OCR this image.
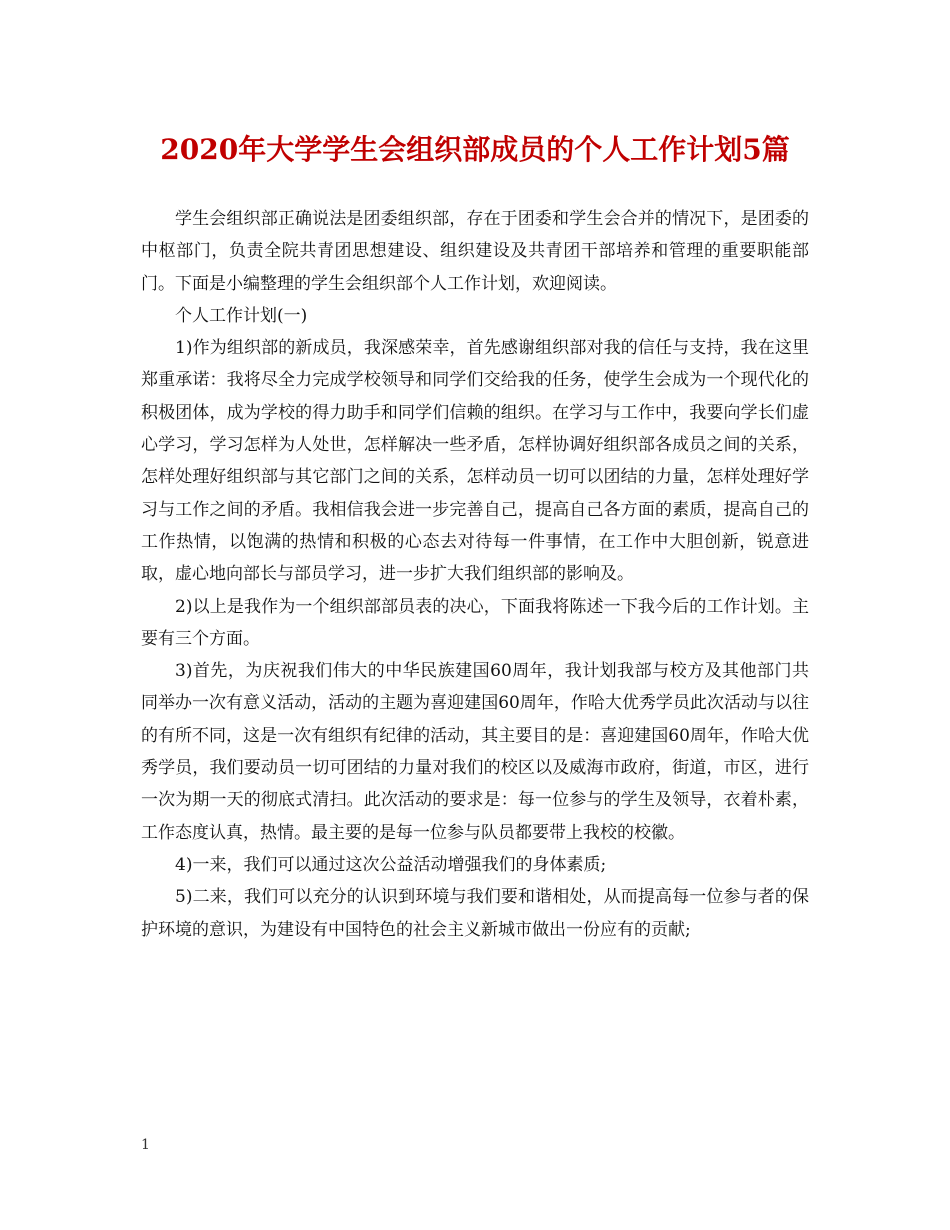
2020年大学学生会组织部成员的个人工作计划5篇

学生会组织部正确说法是团委组织部，存在于团委和学生会合并的情况下，是团委的中枢部门，负责全院共青团思想建设、组织建设及共青团干部培养和管理的重要职能部门。下面是小编整理的学生会组织部个人工作计划，欢迎阅读。

个人工作计划(一)

1)作为组织部的新成员，我深感荣幸，首先感谢组织部对我的信任与支持，我在这里郑重承诺：我将尽全力完成学校领导和同学们交给我的任务，使学生会成为一个现代化的积极团体，成为学校的得力助手和同学们信赖的组织。在学习与工作中，我要向学长们虚心学习，学习怎样为人处世，怎样解决一些矛盾，怎样协调好组织部各成员之间的关系，怎样处理好组织部与其它部门之间的关系，怎样动员一切可以团结的力量，怎样处理好学习与工作之间的矛盾。我相信我会进一步完善自己，提高自己各方面的素质，提高自己的工作热情，以饱满的热情和积极的心态去对待每一件事情，在工作中大胆创新，锐意进取，虚心地向部长与部员学习，进一步扩大我们组织部的影响及。

2)以上是我作为一个组织部部员表的决心，下面我将陈述一下我今后的工作计划。主要有三个方面。

3)首先，为庆祝我们伟大的中华民族建国60周年，我计划我部与校方及其他部门共同举办一次有意义活动，活动的主题为喜迎建国60周年，作哈大优秀学员此次活动与以往的有所不同，这是一次有组织有纪律的活动，其主要目的是：喜迎建国60周年，作哈大优秀学员，我们要动员一切可团结的力量对我们的校区以及威海市政府，街道，市区，进行一次为期一天的彻底式清扫。此次活动的要求是：每一位参与的学生及领导，衣着朴素，工作态度认真，热情。最主要的是每一位参与队员都要带上我校的校徽。

4)一来，我们可以通过这次公益活动增强我们的身体素质;

5)二来，我们可以充分的认识到环境与我们要和谐相处，从而提高每一位参与者的保护环境的意识，为建设有中国特色的社会主义新城市做出一份应有的贡献;

1
